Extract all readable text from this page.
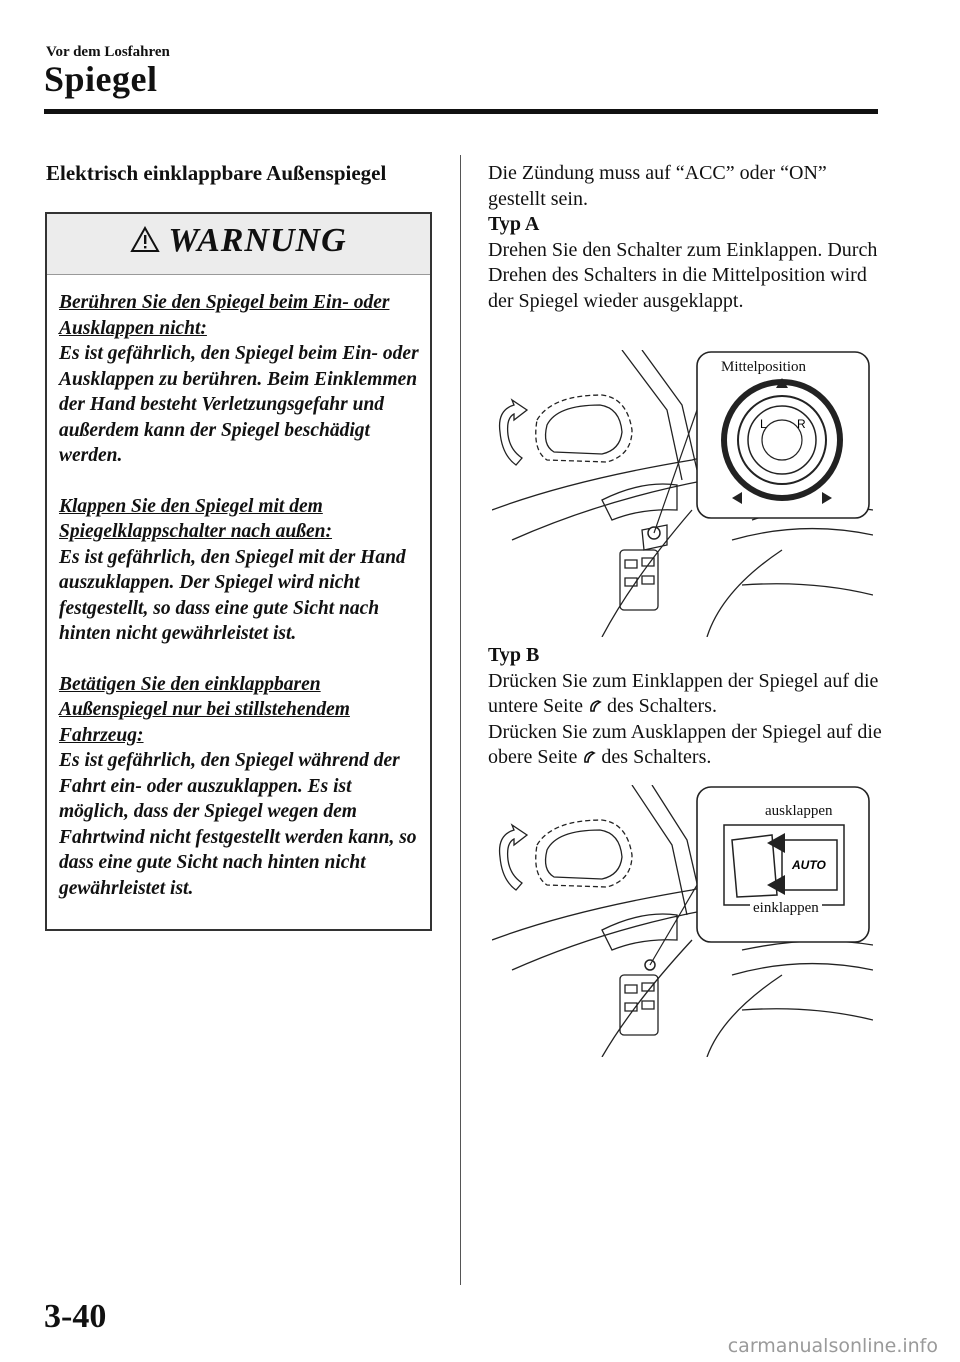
Vor dem Losfahren
Spiegel
Elektrisch einklappbare Außenspiegel
WARNUNG

Berühren Sie den Spiegel beim Ein- oder Ausklappen nicht:
Es ist gefährlich, den Spiegel beim Ein- oder Ausklappen zu berühren. Beim Einklemmen der Hand besteht Verletzungsgefahr und außerdem kann der Spiegel beschädigt werden.

Klappen Sie den Spiegel mit dem Spiegelklappschalter nach außen:
Es ist gefährlich, den Spiegel mit der Hand auszuklappen. Der Spiegel wird nicht festgestellt, so dass eine gute Sicht nach hinten nicht gewährleistet ist.

Betätigen Sie den einklappbaren Außenspiegel nur bei stillstehendem Fahrzeug:
Es ist gefährlich, den Spiegel während der Fahrt ein- oder auszuklappen. Es ist möglich, dass der Spiegel wegen dem Fahrtwind nicht festgestellt werden kann, so dass eine gute Sicht nach hinten nicht gewährleistet ist.

Die Zündung muss auf “ACC” oder “ON” gestellt sein.

Typ A

Drehen Sie den Schalter zum Einklappen. Durch Drehen des Schalters in die Mittelposition wird der Spiegel wieder ausgeklappt.

L	R
Mittelposition

Typ B

Drücken Sie zum Einklappen der Spiegel auf die untere Seite des Schalters.

Drücken Sie zum Ausklappen der Spiegel auf die obere Seite des Schalters.

AUTO
ausklappen
einklappen
3-40
carmanualsonline.info
